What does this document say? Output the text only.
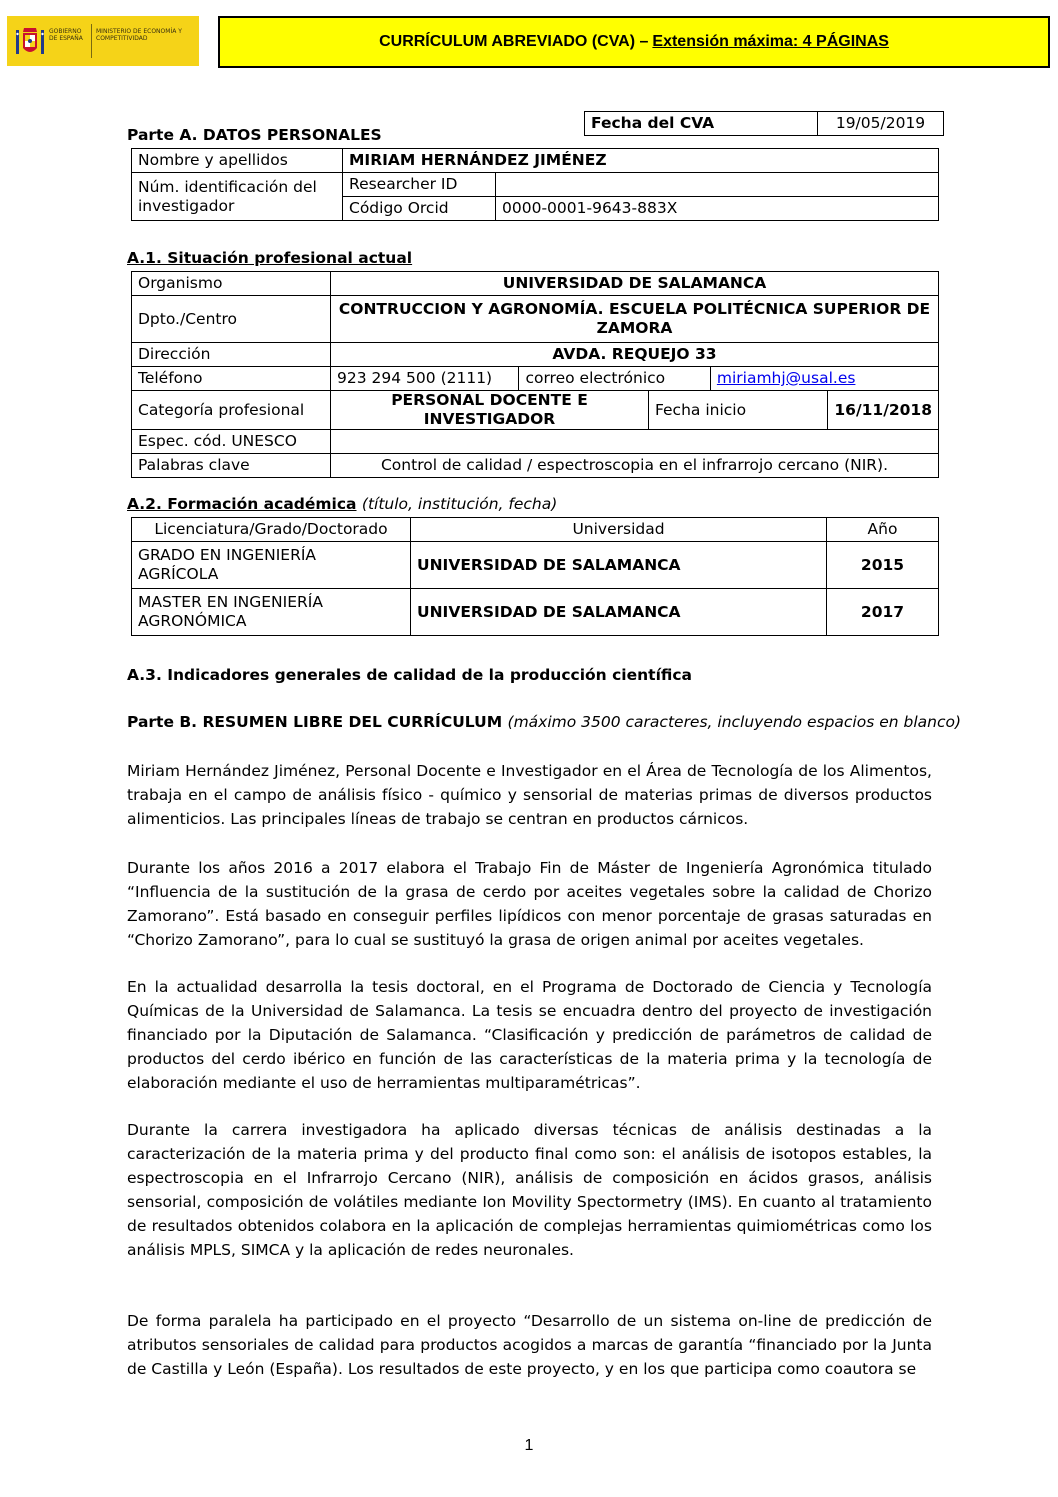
GOBIERNO DE ESPAÑA
MINISTERIO DE ECONOMÍA Y COMPETITIVIDAD	CURRÍCULUM ABREVIADO (CVA) – Extensión máxima: 4 PÁGINAS
Parte A. DATOS PERSONALES
Fecha del CVA	19/05/2019
Nombre y apellidos	MIRIAM HERNÁNDEZ JIMÉNEZ	
Núm. identificación del investigador	Researcher ID	
	Código Orcid	0000-0001-9643-883X
A.1. Situación profesional actual
Organismo	UNIVERSIDAD DE SALAMANCA				
Dpto./Centro	CONTRUCCION Y AGRONOMÍA. ESCUELA POLITÉCNICA SUPERIOR DE
ZAMORA				

Dirección	AVDA. REQUEJO 33				
Teléfono	923 294 500 (2111)	correo electrónico		miriamhj@usal.es	
Categoría profesional	PERSONAL DOCENTE E INVESTIGADOR		Fecha inicio		16/11/2018
Espec. cód. UNESCO					
Palabras clave	Control de calidad / espectroscopia en el infrarrojo cercano (NIR).				
A.2. Formación académica (título, institución, fecha)
Licenciatura/Grado/Doctorado	Universidad	Año

GRADO EN INGENIERÍA
AGRÍCOLA	UNIVERSIDAD DE SALAMANCA	2015

MASTER EN INGENIERÍA
AGRONÓMICA	UNIVERSIDAD DE SALAMANCA	2017
A.3. Indicadores generales de calidad de la producción científica
Parte B. RESUMEN LIBRE DEL CURRÍCULUM (máximo 3500 caracteres, incluyendo espacios en blanco)
Miriam Hernández Jiménez, Personal Docente e Investigador en el Área de Tecnología de los Alimentos, trabaja en el campo de análisis físico - químico y sensorial de materias primas de diversos productos alimenticios. Las principales líneas de trabajo se centran en productos cárnicos.
Durante los años 2016 a 2017 elabora el Trabajo Fin de Máster de Ingeniería Agronómica titulado “Influencia de la sustitución de la grasa de cerdo por aceites vegetales sobre la calidad de Chorizo Zamorano”. Está basado en conseguir perfiles lipídicos con menor porcentaje de grasas saturadas en “Chorizo Zamorano”, para lo cual se sustituyó la grasa de origen animal por aceites vegetales.
En la actualidad desarrolla la tesis doctoral, en el Programa de Doctorado de Ciencia y Tecnología Químicas de la Universidad de Salamanca. La tesis se encuadra dentro del proyecto de investigación financiado por la Diputación de Salamanca. “Clasificación y predicción de parámetros de calidad de productos del cerdo ibérico en función de las características de la materia prima y la tecnología de elaboración mediante el uso de herramientas multiparamétricas”.
Durante la carrera investigadora ha aplicado diversas técnicas de análisis destinadas a la caracterización de la materia prima y del producto final como son: el análisis de isotopos estables, la espectroscopia en el Infrarrojo Cercano (NIR), análisis de composición en ácidos grasos, análisis sensorial, composición de volátiles mediante Ion Movility Spectormetry (IMS). En cuanto al tratamiento de resultados obtenidos colabora en la aplicación de complejas herramientas quimiométricas como los análisis MPLS, SIMCA y la aplicación de redes neuronales.
De forma paralela ha participado en el proyecto “Desarrollo de un sistema on-line de predicción de atributos sensoriales de calidad para productos acogidos a marcas de garantía “financiado por la Junta de Castilla y León (España). Los resultados de este proyecto, y en los que participa como coautora se
1
